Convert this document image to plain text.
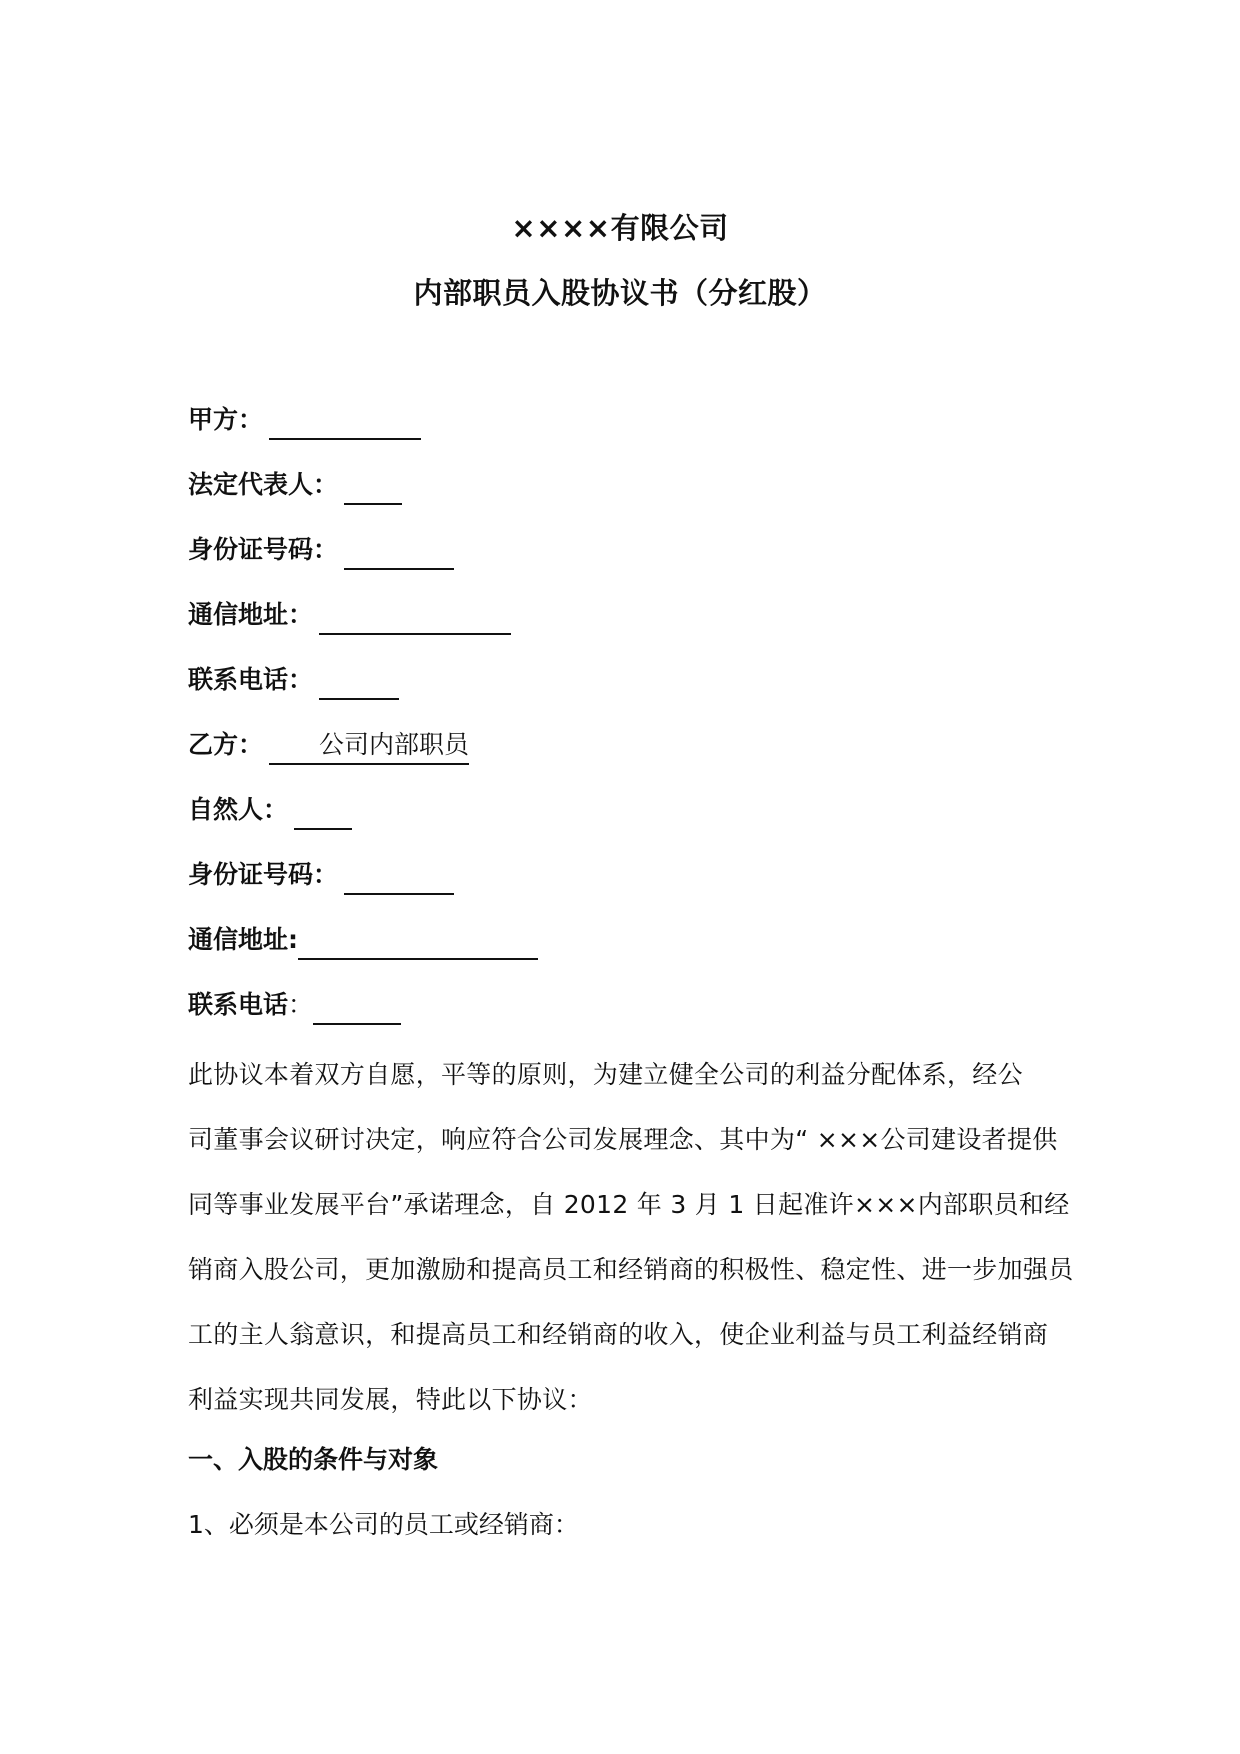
××××有限公司
内部职员入股协议书（分红股）
甲方：
法定代表人：
身份证号码：
通信地址：
联系电话：
乙方： 公司内部职员
自然人：
身份证号码：
通信地址:
联系电话：
此协议本着双方自愿，平等的原则，为建立健全公司的利益分配体系，经公
司董事会议研讨决定，响应符合公司发展理念、其中为“ ×××公司建设者提供
同等事业发展平台”承诺理念，自 2012 年 3 月 1 日起准许×××内部职员和经
销商入股公司，更加激励和提高员工和经销商的积极性、稳定性、进一步加强员
工的主人翁意识，和提高员工和经销商的收入，使企业利益与员工利益经销商
利益实现共同发展，特此以下协议：
一、入股的条件与对象
1、必须是本公司的员工或经销商：
